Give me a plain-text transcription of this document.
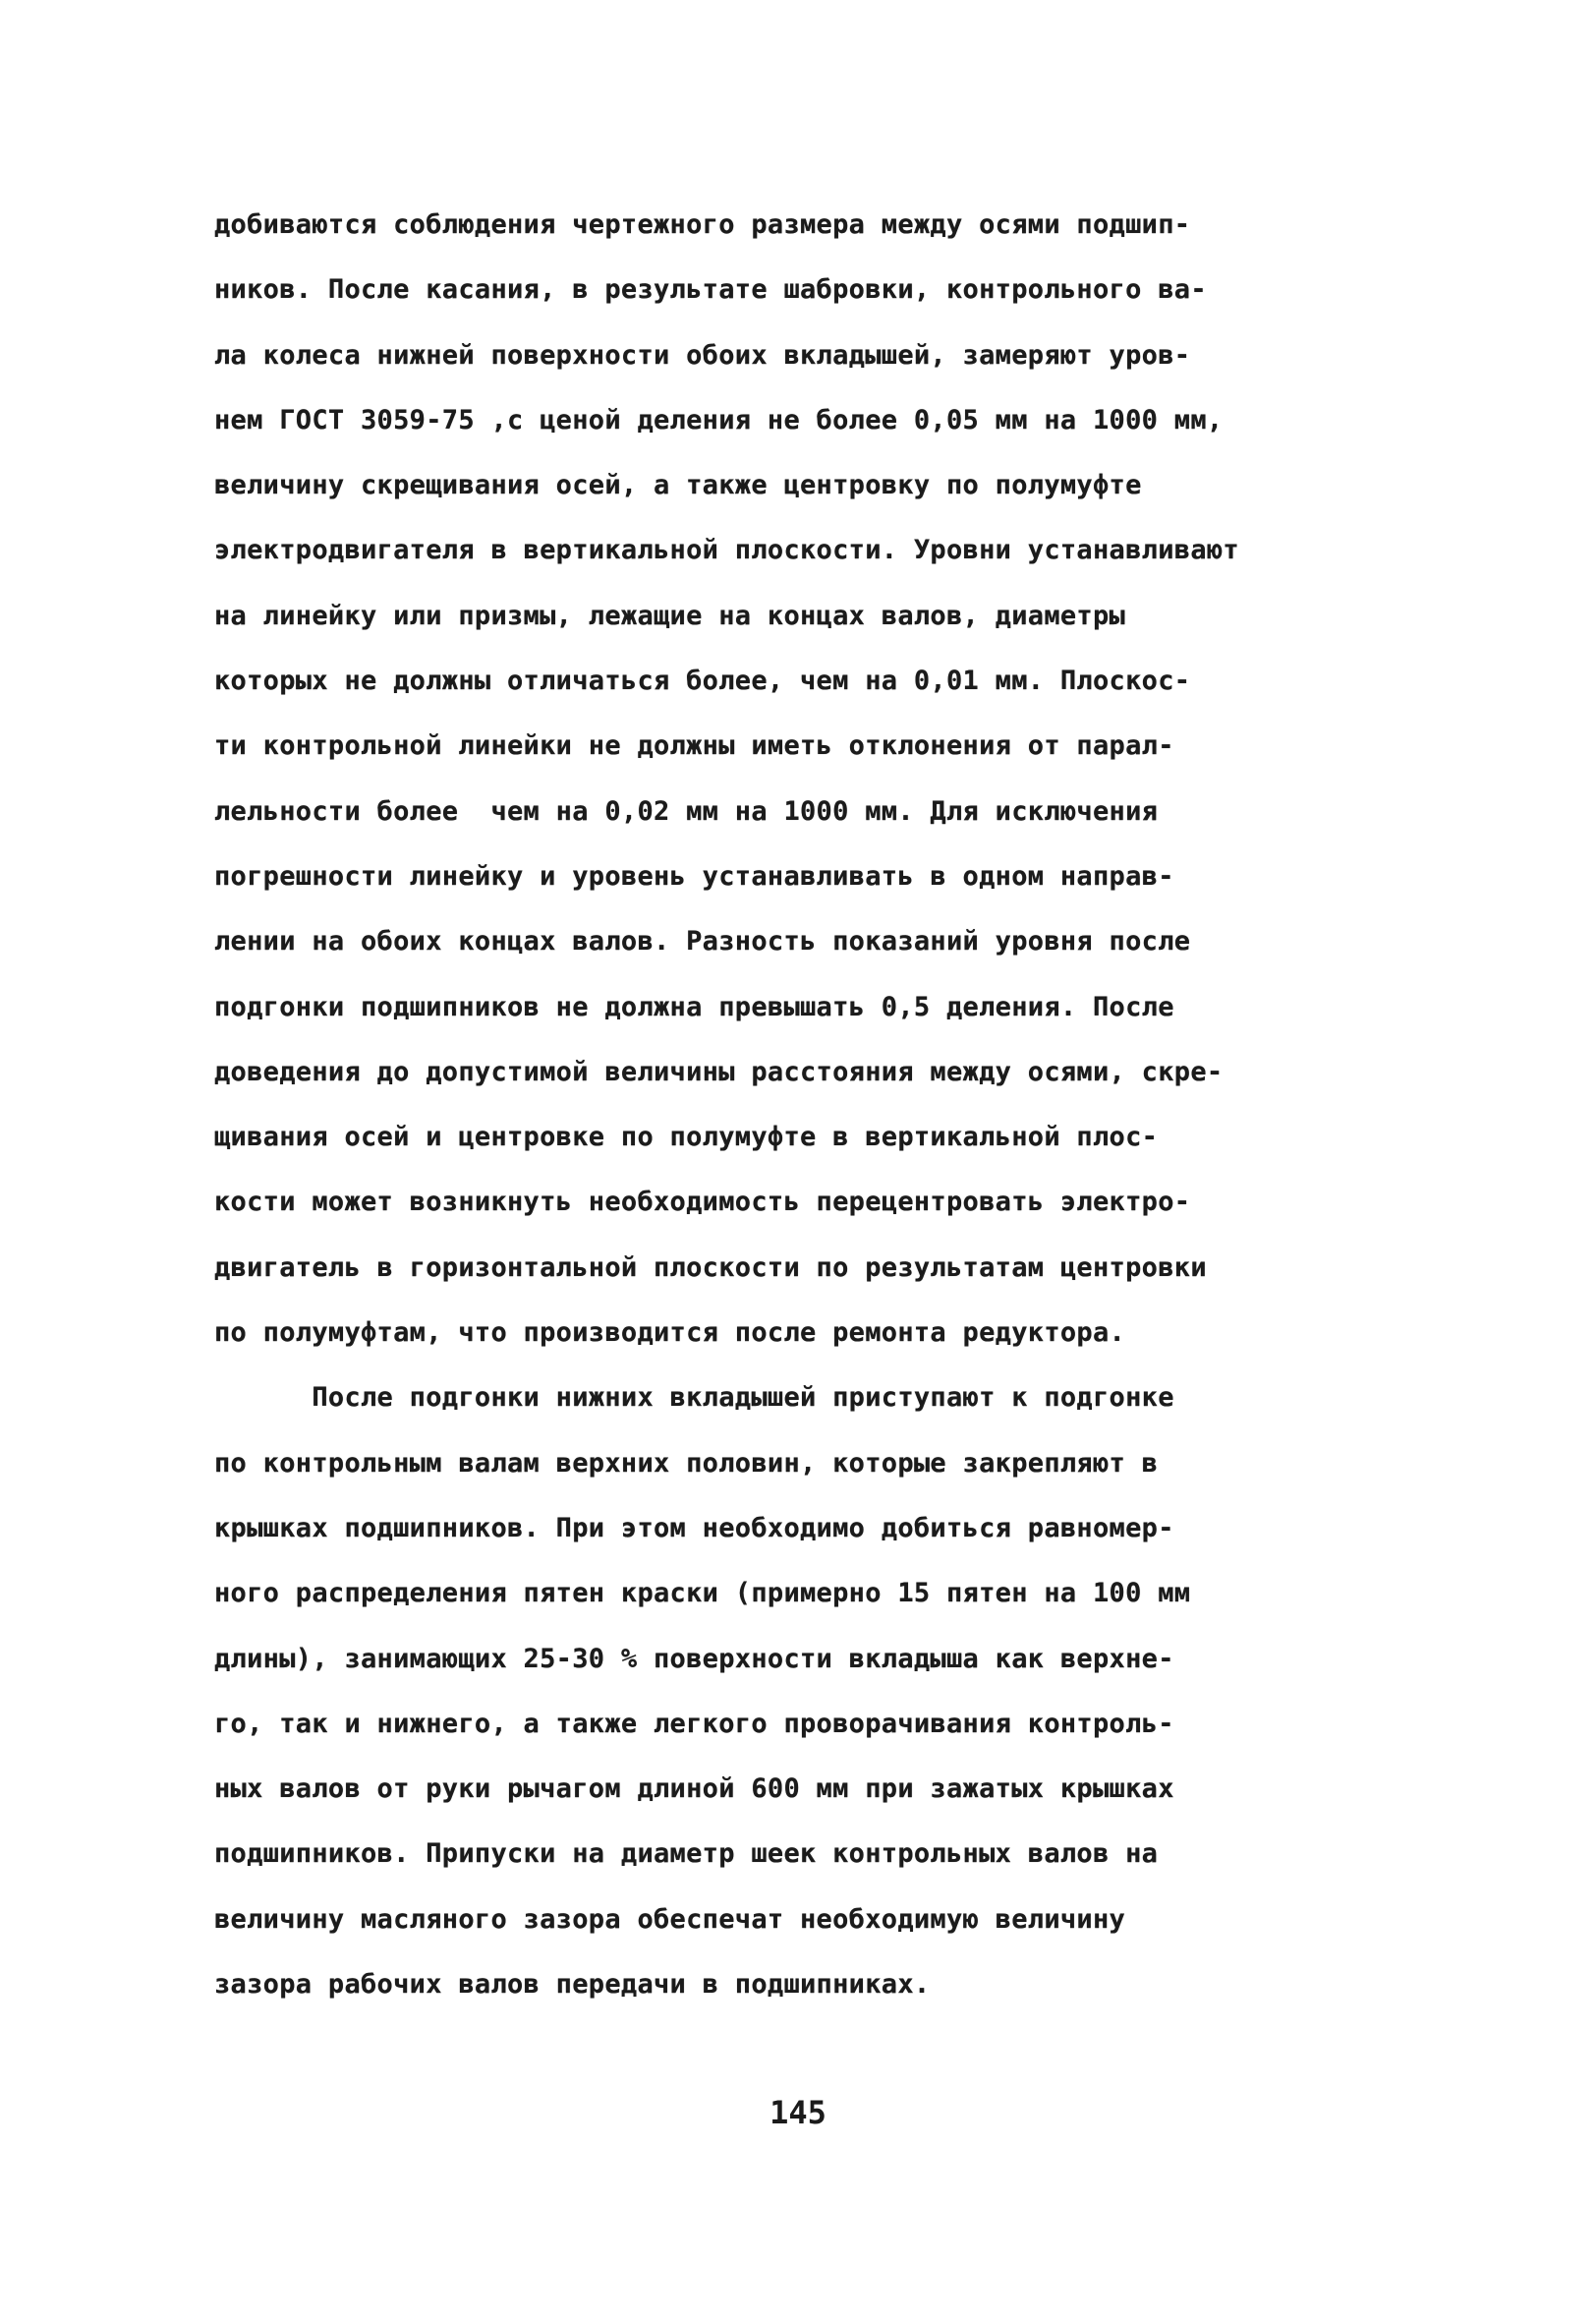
добиваются соблюдения чертежного размера между осями подшип-
ников. После касания, в результате шабровки, контрольного ва-
ла колеса нижней поверхности обоих вкладышей, замеряют уров-
нем ГОСТ 3059-75 ,с ценой деления не более 0,05 мм на 1000 мм,
величину скрещивания осей, а также центровку по полумуфте
электродвигателя в вертикальной плоскости. Уровни устанавливают
на линейку или призмы, лежащие на концах валов, диаметры
которых не должны отличаться более, чем на 0,01 мм. Плоскос-
ти контрольной линейки не должны иметь отклонения от парал-
лельности более  чем на 0,02 мм на 1000 мм. Для исключения
погрешности линейку и уровень устанавливать в одном направ-
лении на обоих концах валов. Разность показаний уровня после
подгонки подшипников не должна превышать 0,5 деления. После
доведения до допустимой величины расстояния между осями, скре-
щивания осей и центровке по полумуфте в вертикальной плос-
кости может возникнуть необходимость перецентровать электро-
двигатель в горизонтальной плоскости по результатам центровки
по полумуфтам, что производится после ремонта редуктора.
После подгонки нижних вкладышей приступают к подгонке
по контрольным валам верхних половин, которые закрепляют в
крышках подшипников. При этом необходимо добиться равномер-
ного распределения пятен краски (примерно 15 пятен на 100 мм
длины), занимающих 25-30 % поверхности вкладыша как верхне-
го, так и нижнего, а также легкого проворачивания контроль-
ных валов от руки рычагом длиной 600 мм при зажатых крышках
подшипников. Припуски на диаметр шеек контрольных валов на
величину масляного зазора обеспечат необходимую величину
зазора рабочих валов передачи в подшипниках.
145
